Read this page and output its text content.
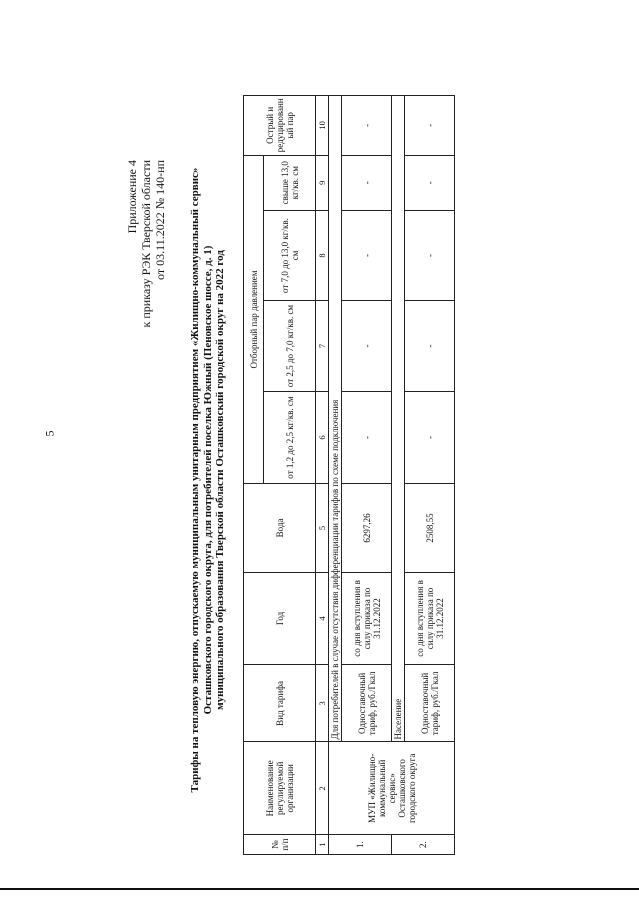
5
Приложение 4 к приказу РЭК Тверской области от 03.11.2022 № 140-нп Тарифы на тепловую энергию, отпускаемую муниципальным унитарным предприятием «Жилищно-коммунальный сервис» Осташковского городского округа, для потребителей поселка Южный (Пеновское шоссе, д. 1) муниципального образования Тверской области Осташковский городской округ на 2022 год
№ п/п	Наименование регулируемой организации	Вид тарифа	Год	Вода	Отборный пар давлением				Острый и редуцированный пар
					от 1,2 до 2,5 кг/кв. см	от 2,5 до 7,0 кг/кв. см	от 7,0 до 13,0 кг/кв. см	свыше 13,0 кг/кв. см	
1	2	3	4	5	6	7	8	9	10
1.	МУП «Жилищно-коммунальный сервис» Осташковского городского округа	Для потребителей в случае отсутствия дифференциации тарифов по схеме подключения							
		Одноставочный тариф, руб./Гкал	со дня вступления в силу приказа по 31.12.2022	6297,26	-	-	-	-	-
2.		Население							
		Одноставочный тариф, руб./Гкал	со дня вступления в силу приказа по 31.12.2022	2508,55	-	-	-	-	-
